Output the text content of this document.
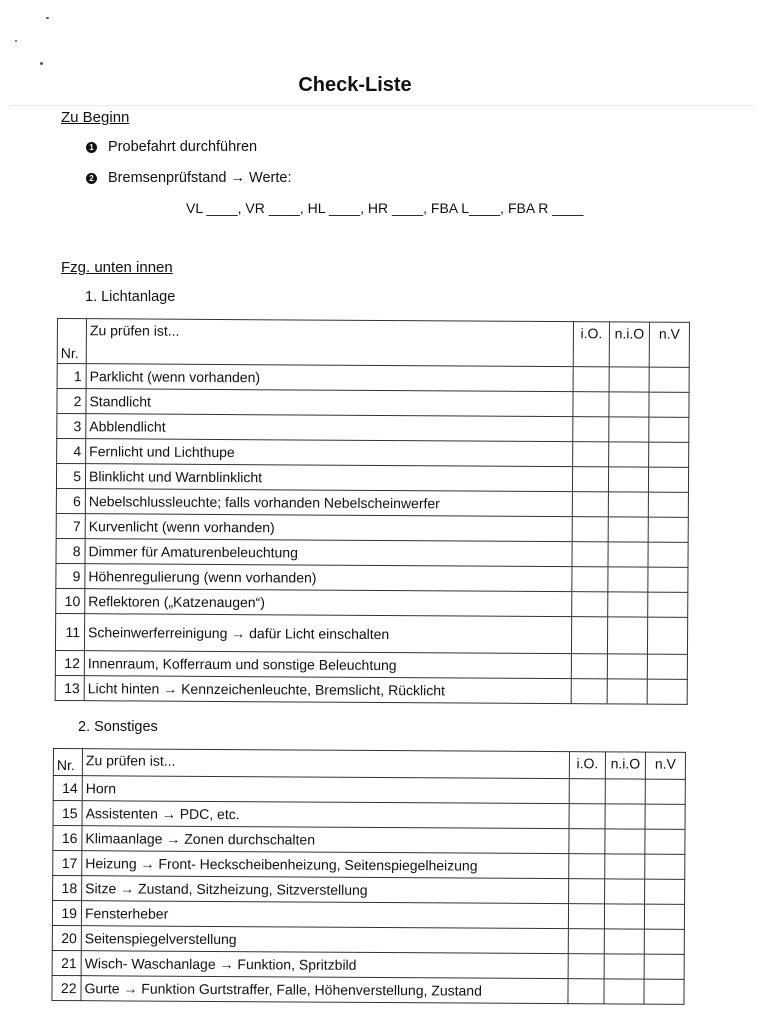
Check-Liste
Zu Beginn
1 Probefahrt durchführen
2 Bremsenprüfstand → Werte:
VL ____, VR ____, HL ____, HR ____, FBA L____, FBA R ____
Fzg. unten innen
1. Lichtanlage
Nr.	Zu prüfen ist...	i.O.	n.i.O	n.V
1	Parklicht (wenn vorhanden)			
2	Standlicht			
3	Abblendlicht			
4	Fernlicht und Lichthupe			
5	Blinklicht und Warnblinklicht			
6	Nebelschlussleuchte; falls vorhanden Nebelscheinwerfer			
7	Kurvenlicht (wenn vorhanden)			
8	Dimmer für Amaturenbeleuchtung			
9	Höhenregulierung (wenn vorhanden)			
10	Reflektoren („Katzenaugen“)			
11	Scheinwerferreinigung → dafür Licht einschalten			
12	Innenraum, Kofferraum und sonstige Beleuchtung			
13	Licht hinten → Kennzeichenleuchte, Bremslicht, Rücklicht			
2. Sonstiges
Nr.	Zu prüfen ist...	i.O.	n.i.O	n.V
14	Horn			
15	Assistenten → PDC, etc.			
16	Klimaanlage → Zonen durchschalten			
17	Heizung → Front- Heckscheibenheizung, Seitenspiegelheizung			
18	Sitze → Zustand, Sitzheizung, Sitzverstellung			
19	Fensterheber			
20	Seitenspiegelverstellung			
21	Wisch- Waschanlage → Funktion, Spritzbild			
22	Gurte → Funktion Gurtstraffer, Falle, Höhenverstellung, Zustand			
